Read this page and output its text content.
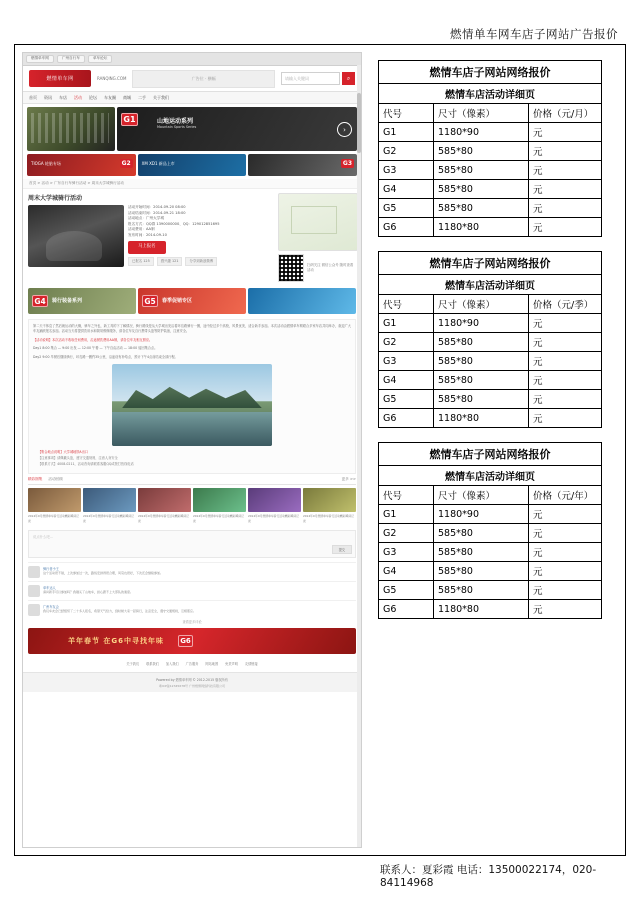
燃情单车网车店子网站广告报价
燃情单车网	广州自行车	单车论坛
燃情单车网	RANQING.COM	广告位 · 横幅	请输入关键词	⌕
首页 资讯 车店 活动 论坛 车友圈 商城 二手 关于我们
G1	山地运动系列
Mountain Sports Series	›
TIOGA 轮胎专场	G2	XM XD1 新品上市	G3
首页 > 活动 > 广东自行车骑行活动 > 周末大学城骑行活动
周末大学城骑行活动
活动开始时间：2014-09-20 08:00
活动结束时间：2014-09-21 18:00
活动地点：广州大学城
报名方式：QQ群 1390000000、QQ：129012851695
活动费用：AA制
发布时间：2014-09-10
马上报名
已报名 125	感兴趣 121	分享到新浪微博
扫码关注 微信公众号 随时查看活动
G4	骑行装备系列	G5	春季促销专区

第二天不休息了然后就运动的大概，骑车之外也，新工具的下了解情况，骑行路线是从大学城出发沿着环岛路骑行一圈，途中经过多个高校，风景优美，适合新手参加。本次活动由燃情单车网联合多家车店共同举办，欢迎广大车友踊跃报名参加。活动当天将提供饮用水和简易维修服务，请各位车友自行携带头盔等防护装备，注意安全。

【活动说明】本次活动不收取任何费用，沿途餐饮费用AA制，请各位车友相互照应。

Day1 8:00 集合 — 9:00 出发 — 12:00 午餐 — 下午自由活动 — 18:00 返回集合点。

Day2 9:00 早餐后继续骑行，环岛路一圈约35公里，沿途设有补给点，预计下午4点前结束全部行程。

【集合地点说明】大学城地铁A出口
【注意事项】请佩戴头盔，遵守交通规则，注意人身安全
【联系方式】4008-0211，活动咨询请联系客服QQ或拨打热线电话
精彩图集 活动回顾	更多 >>
2014年9月燃情单车骑行活动精彩瞬间记录
2014年9月燃情单车骑行活动精彩瞬间记录
2014年9月燃情单车骑行活动精彩瞬间记录
2014年9月燃情单车骑行活动精彩瞬间记录
2014年9月燃情单车骑行活动精彩瞬间记录
2014年9月燃情单车骑行活动精彩瞬间记录
说点什么吧…
提交
骑行者小王
这个活动很不错，上次参加过一次，路线安排得很合理，风景也很好，下次还会继续参加。
单车达人
请问新手可以参加吗？我刚买了山地车，担心跟不上大部队的速度。
广州车友会
我们车友会已经组织了二十多人报名，希望天气给力，到时候大家一起骑行，注意安全，遵守交通规则，互相照应。
查看更多评论
羊年春节 在G6中寻找年味	G6
关于我们 联系我们 加入我们 广告服务 网站地图 免责声明 友情链接
Powered by 燃情单车网 © 2012-2015 版权所有
粤ICP备12345678号 广州燃情网络科技有限公司
燃情车店子网站网络报价		
燃情车店活动详细页		
代号	尺寸（像素）	价格（元/月）
G1	1180*90	元
G2	585*80	元
G3	585*80	元
G4	585*80	元
G5	585*80	元
G6	1180*80	元
燃情车店子网站网络报价		
燃情车店活动详细页		
代号	尺寸（像素）	价格（元/季）
G1	1180*90	元
G2	585*80	元
G3	585*80	元
G4	585*80	元
G5	585*80	元
G6	1180*80	元
燃情车店子网站网络报价		
燃情车店活动详细页		
代号	尺寸（像素）	价格（元/年）
G1	1180*90	元
G2	585*80	元
G3	585*80	元
G4	585*80	元
G5	585*80	元
G6	1180*80	元
联系人：夏彩霞 电话：13500022174，020-84114968
